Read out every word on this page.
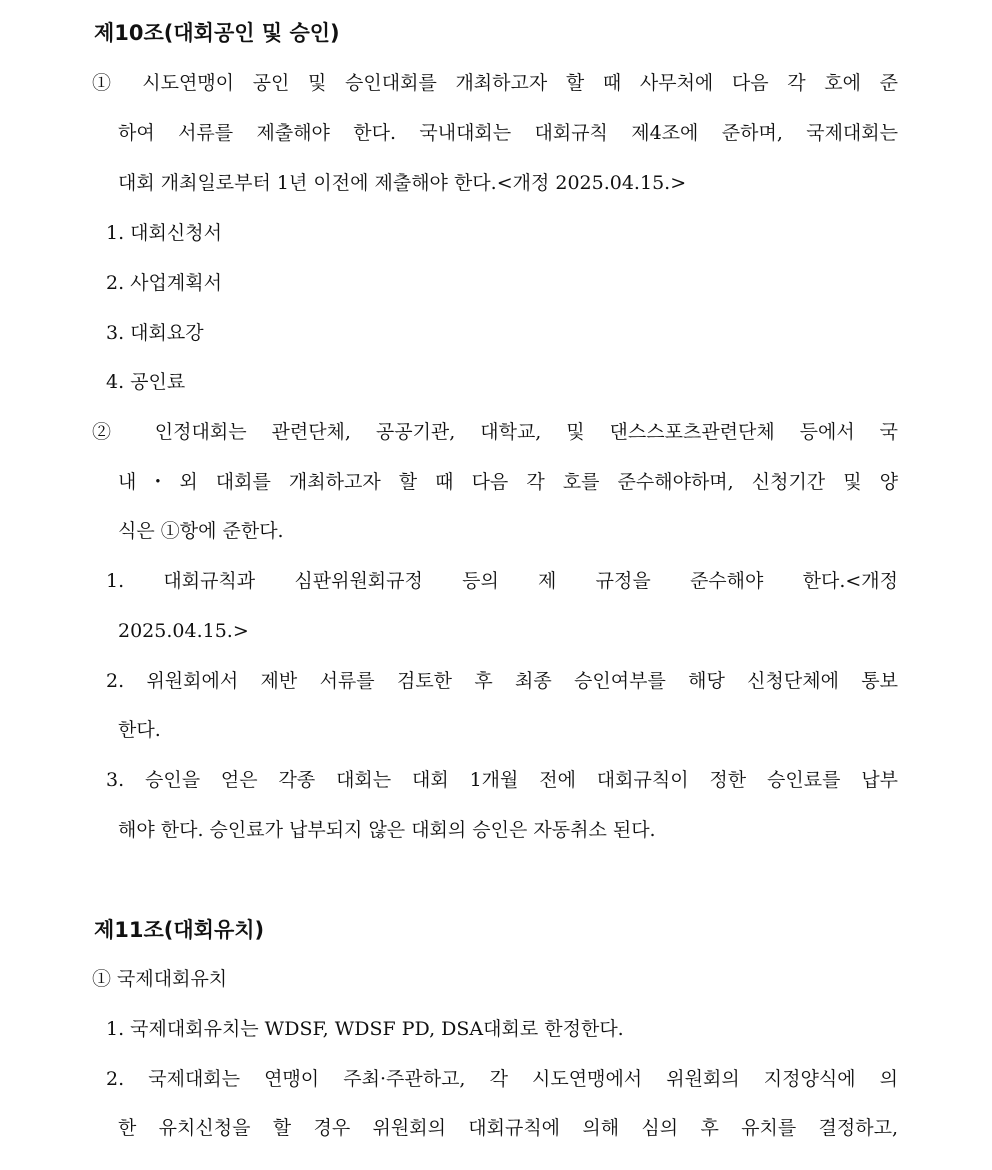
제10조(대회공인 및 승인)
① 시도연맹이 공인 및 승인대회를 개최하고자 할 때 사무처에 다음 각 호에 준
하여 서류를 제출해야 한다. 국내대회는 대회규칙 제4조에 준하며, 국제대회는
대회 개최일로부터 1년 이전에 제출해야 한다.<개정 2025.04.15.>
1. 대회신청서
2. 사업계획서
3. 대회요강
4. 공인료
② 인정대회는 관련단체, 공공기관, 대학교, 및 댄스스포츠관련단체 등에서 국
내・외 대회를 개최하고자 할 때 다음 각 호를 준수해야하며, 신청기간 및 양
식은 ①항에 준한다.
1. 대회규칙과 심판위원회규정 등의 제 규정을 준수해야 한다.<개정
2025.04.15.>
2. 위원회에서 제반 서류를 검토한 후 최종 승인여부를 해당 신청단체에 통보
한다.
3. 승인을 얻은 각종 대회는 대회 1개월 전에 대회규칙이 정한 승인료를 납부
해야 한다. 승인료가 납부되지 않은 대회의 승인은 자동취소 된다.
제11조(대회유치)
① 국제대회유치
1. 국제대회유치는 WDSF, WDSF PD, DSA대회로 한정한다.
2. 국제대회는 연맹이 주최·주관하고, 각 시도연맹에서 위원회의 지정양식에 의
한 유치신청을 할 경우 위원회의 대회규칙에 의해 심의 후 유치를 결정하고,
